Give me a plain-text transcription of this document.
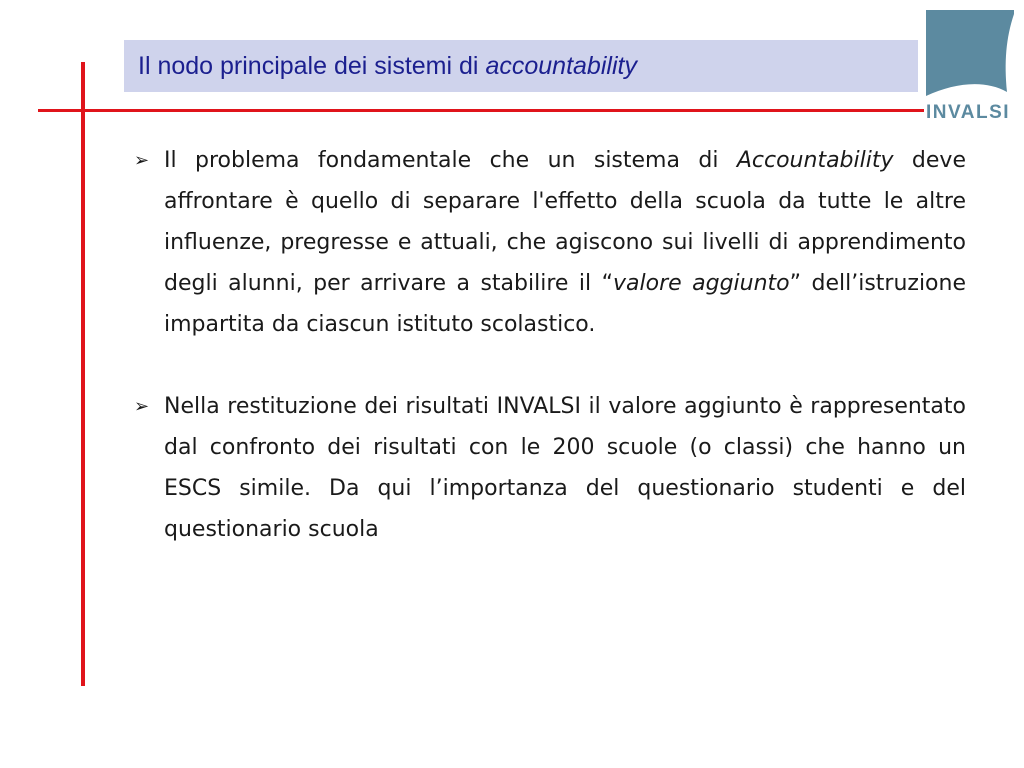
Il nodo principale dei sistemi di accountability
INVALSI
➢ Il problema fondamentale che un sistema di Accountability deve affrontare è quello di separare l'effetto della scuola da tutte le altre influenze, pregresse e attuali, che agiscono sui livelli di apprendimento degli alunni, per arrivare a stabilire il “valore aggiunto” dell’istruzione impartita da ciascun istituto scolastico.
➢ Nella restituzione dei risultati INVALSI il valore aggiunto è rappresentato dal confronto dei risultati con le 200 scuole (o classi) che hanno un ESCS simile. Da qui l’importanza del questionario studenti e del questionario scuola
